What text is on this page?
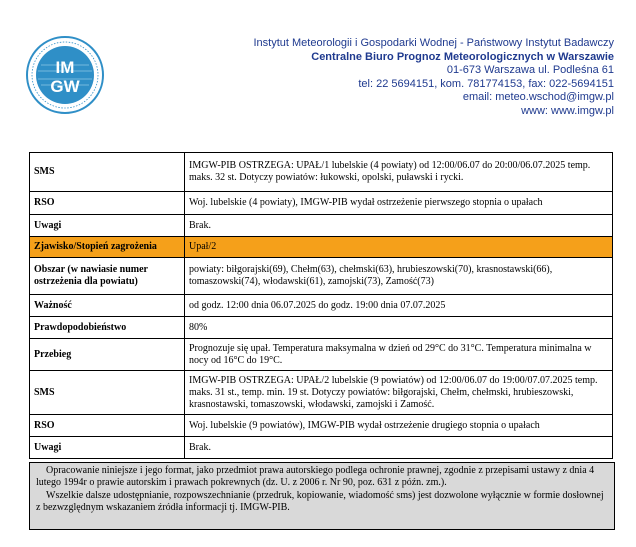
IM
GW
Instytut Meteorologii i Gospodarki Wodnej - Państwowy Instytut Badawczy
Centralne Biuro Prognoz Meteorologicznych w Warszawie
01-673 Warszawa ul. Podleśna 61
tel: 22 5694151, kom. 781774153, fax: 022-5694151
email: meteo.wschod@imgw.pl
www: www.imgw.pl
SMS	IMGW-PIB OSTRZEGA: UPAŁ/1 lubelskie (4 powiaty) od 12:00/06.07 do 20:00/06.07.2025 temp. maks. 32 st. Dotyczy powiatów: łukowski, opolski, puławski i rycki.
RSO	Woj. lubelskie (4 powiaty), IMGW-PIB wydał ostrzeżenie pierwszego stopnia o upałach
Uwagi	Brak.
Zjawisko/Stopień zagrożenia	Upał/2
Obszar (w nawiasie numer ostrzeżenia dla powiatu)	powiaty: biłgorajski(69), Chełm(63), chełmski(63), hrubieszowski(70), krasnostawski(66), tomaszowski(74), włodawski(61), zamojski(73), Zamość(73)
Ważność	od godz. 12:00 dnia 06.07.2025 do godz. 19:00 dnia 07.07.2025
Prawdopodobieństwo	80%
Przebieg	Prognozuje się upał. Temperatura maksymalna w dzień od 29°C do 31°C. Temperatura minimalna w nocy od 16°C do 19°C.
SMS	IMGW-PIB OSTRZEGA: UPAŁ/2 lubelskie (9 powiatów) od 12:00/06.07 do 19:00/07.07.2025 temp. maks. 31 st., temp. min. 19 st. Dotyczy powiatów: biłgorajski, Chełm, chełmski, hrubieszowski, krasnostawski, tomaszowski, włodawski, zamojski i Zamość.
RSO	Woj. lubelskie (9 powiatów), IMGW-PIB wydał ostrzeżenie drugiego stopnia o upałach
Uwagi	Brak.

Opracowanie niniejsze i jego format, jako przedmiot prawa autorskiego podlega ochronie prawnej, zgodnie z przepisami ustawy z dnia 4 lutego 1994r o prawie autorskim i prawach pokrewnych (dz. U. z 2006 r. Nr 90, poz. 631 z późn. zm.).

Wszelkie dalsze udostępnianie, rozpowszechnianie (przedruk, kopiowanie, wiadomość sms) jest dozwolone wyłącznie w formie dosłownej z bezwzględnym wskazaniem źródła informacji tj. IMGW-PIB.
